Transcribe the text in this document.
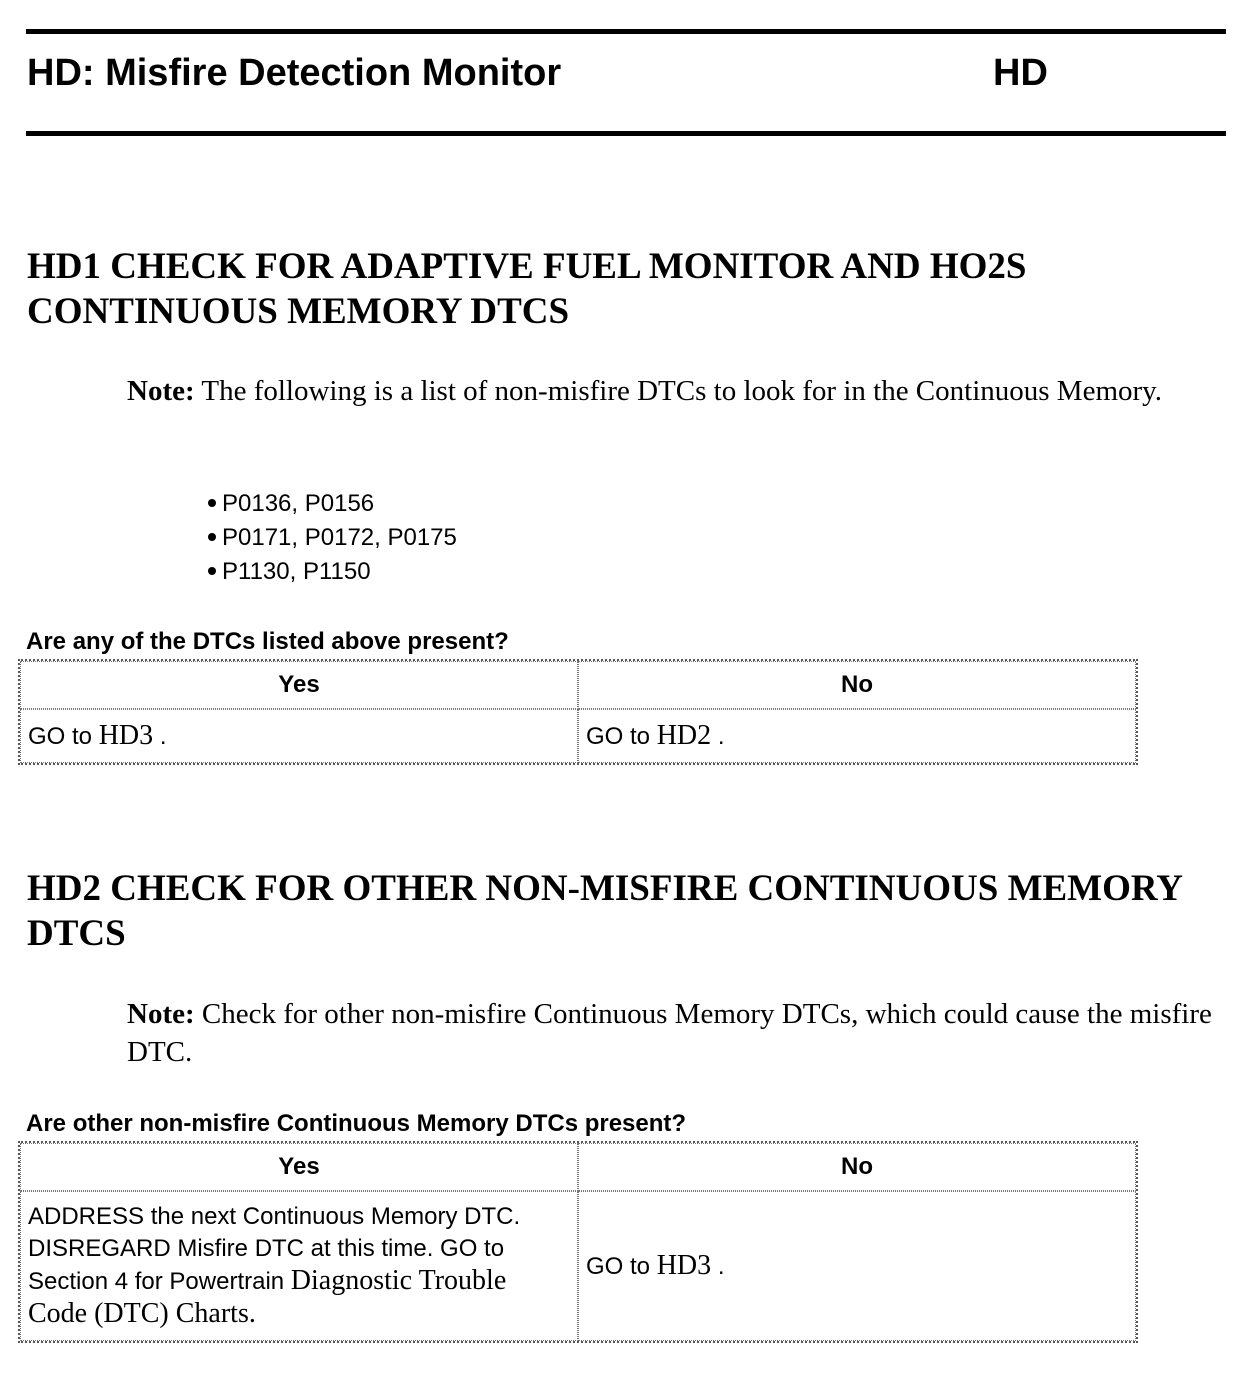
HD: Misfire Detection Monitor	HD
HD1 CHECK FOR ADAPTIVE FUEL MONITOR AND HO2S CONTINUOUS MEMORY DTCS

Note: The following is a list of non-misfire DTCs to look for in the Continuous Memory.

P0136, P0156
P0171, P0172, P0175
P1130, P1150
Are any of the DTCs listed above present?
Yes	No
GO to HD3 .	GO to HD2 .
HD2 CHECK FOR OTHER NON-MISFIRE CONTINUOUS MEMORY DTCS

Note: Check for other non-misfire Continuous Memory DTCs, which could cause the misfire DTC.

Are other non-misfire Continuous Memory DTCs present?
Yes	No
ADDRESS the next Continuous Memory DTC. DISREGARD Misfire DTC at this time. GO to Section 4 for Powertrain Diagnostic Trouble Code (DTC) Charts.	GO to HD3 .
